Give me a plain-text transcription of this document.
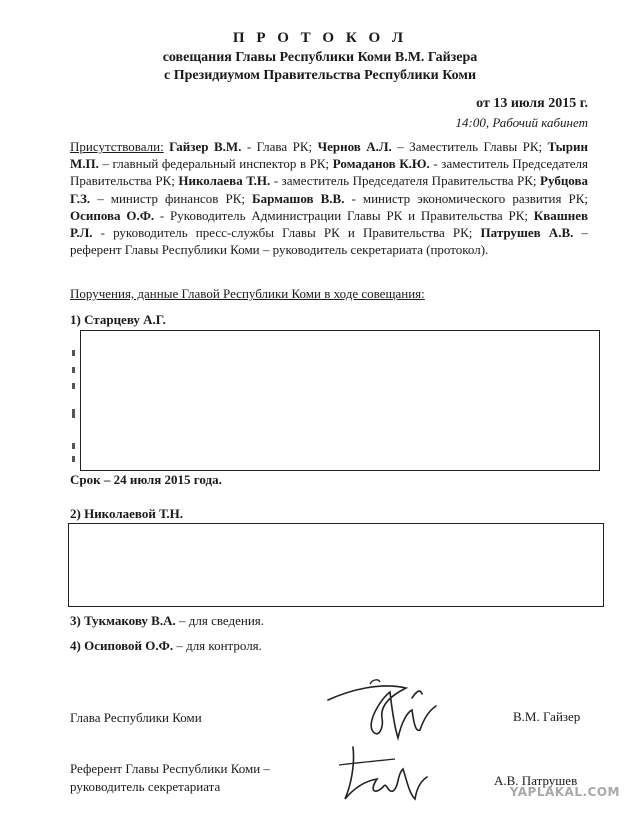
П Р О Т О К О Л
совещания Главы Республики Коми В.М. Гайзера
с Президиумом Правительства Республики Коми
от 13 июля 2015 г.
14:00, Рабочий кабинет
Присутствовали: Гайзер В.М. - Глава РК; Чернов А.Л. – Заместитель Главы РК; Тырин М.П. – главный федеральный инспектор в РК; Ромаданов К.Ю. - заместитель Председателя Правительства РК; Николаева Т.Н. - заместитель Председателя Правительства РК; Рубцова Г.З. – министр финансов РК; Бармашов В.В. - министр экономического развития РК; Осипова О.Ф. - Руководитель Администрации Главы РК и Правительства РК; Квашнев Р.Л. - руководитель пресс-службы Главы РК и Правительства РК; Патрушев А.В. – референт Главы Республики Коми – руководитель секретариата (протокол).
Поручения, данные Главой Республики Коми в ходе совещания:
1) Старцеву А.Г.
Срок – 24 июля 2015 года.
2) Николаевой Т.Н.
3) Тукмакову В.А. – для сведения.
4) Осиповой О.Ф. – для контроля.
Глава Республики Коми	В.М. Гайзер
Референт Главы Республики Коми –
руководитель секретариата	А.В. Патрушев
YAPLAKAL.COM
